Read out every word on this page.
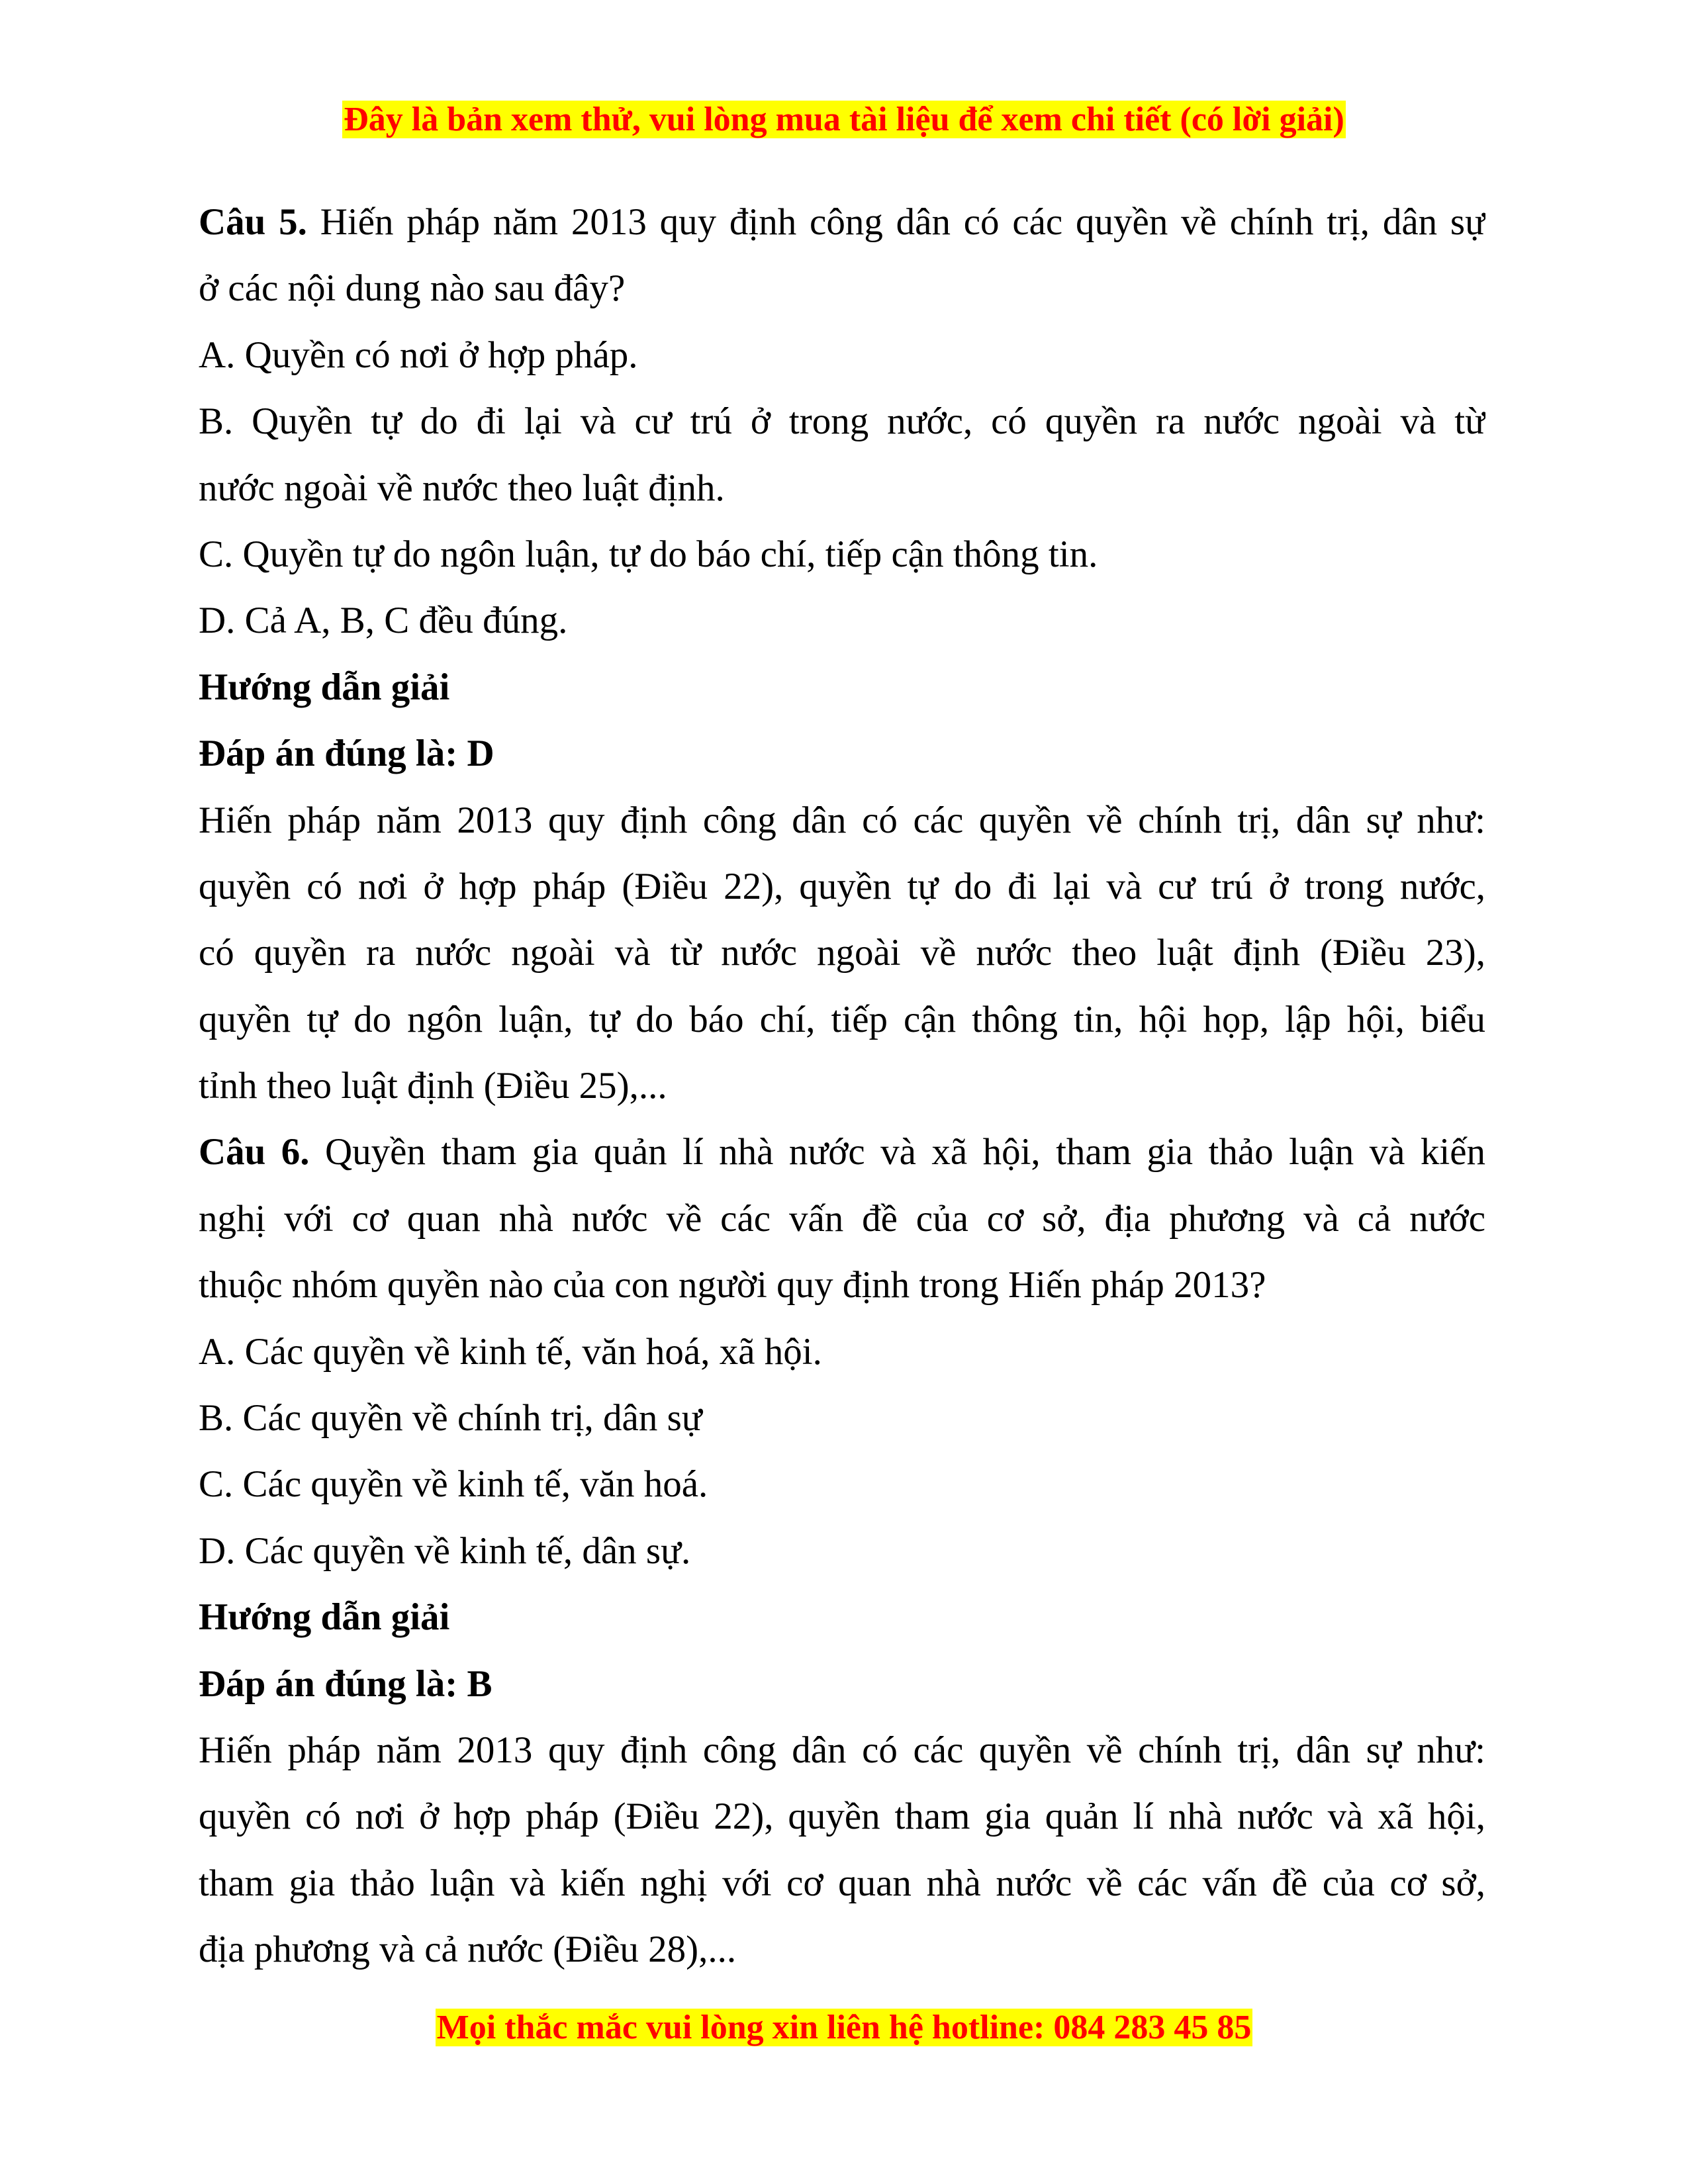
Đây là bản xem thử, vui lòng mua tài liệu để xem chi tiết (có lời giải)
Câu 5. Hiến pháp năm 2013 quy định công dân có các quyền về chính trị, dân sự
ở các nội dung nào sau đây?
A. Quyền có nơi ở hợp pháp.
B. Quyền tự do đi lại và cư trú ở trong nước, có quyền ra nước ngoài và từ
nước ngoài về nước theo luật định.
C. Quyền tự do ngôn luận, tự do báo chí, tiếp cận thông tin.
D. Cả A, B, C đều đúng.
Hướng dẫn giải
Đáp án đúng là: D
Hiến pháp năm 2013 quy định công dân có các quyền về chính trị, dân sự như:
quyền có nơi ở hợp pháp (Điều 22), quyền tự do đi lại và cư trú ở trong nước,
có quyền ra nước ngoài và từ nước ngoài về nước theo luật định (Điều 23),
quyền tự do ngôn luận, tự do báo chí, tiếp cận thông tin, hội họp, lập hội, biểu
tỉnh theo luật định (Điều 25),...
Câu 6. Quyền tham gia quản lí nhà nước và xã hội, tham gia thảo luận và kiến
nghị với cơ quan nhà nước về các vấn đề của cơ sở, địa phương và cả nước
thuộc nhóm quyền nào của con người quy định trong Hiến pháp 2013?
A. Các quyền về kinh tế, văn hoá, xã hội.
B. Các quyền về chính trị, dân sự
C. Các quyền về kinh tế, văn hoá.
D. Các quyền về kinh tế, dân sự.
Hướng dẫn giải
Đáp án đúng là: B
Hiến pháp năm 2013 quy định công dân có các quyền về chính trị, dân sự như:
quyền có nơi ở hợp pháp (Điều 22), quyền tham gia quản lí nhà nước và xã hội,
tham gia thảo luận và kiến nghị với cơ quan nhà nước về các vấn đề của cơ sở,
địa phương và cả nước (Điều 28),...
Mọi thắc mắc vui lòng xin liên hệ hotline: 084 283 45 85
